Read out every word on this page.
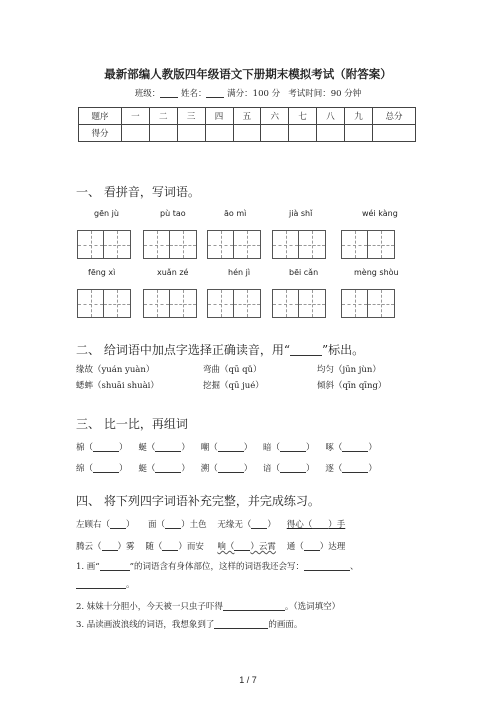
最新部编人教版四年级语文下册期末模拟考试（附答案）
班级： 姓名： 满分：100 分 考试时间：90 分钟
题序	一	二	三	四	五	六	七	八	九	总分
得分										
一、 看拼音，写词语。
gēn jù	pù tao	āo mì	jià shǐ	wéi kàng
fēng xì	xuǎn zé	hén jì	bēi cǎn	mèng shòu
二、 给词语中加点字选择正确读音，用“	”标出。
缘故（yuán yuàn）	弯曲（qū qǔ）	均匀（jūn jùn）
蟋蟀（shuāi shuài）	挖掘（qū jué）	倾斜（qīn qīng）
三、 比一比，再组词
棉（	） 蜒（	） 嘲（	） 暗（	） 啄（	）
绵（	） 蜓（	） 溯（	） 谙（	） 逐（	）
四、 将下列四字词语补充完整，并完成练习。
左顾右（ ） 面（ ）土色 无缘无（ ） 得心（ ）手
腾云（ ）雾 随（ ）而安 响（ ）云霄 通（ ）达理
1. 画“	”的词语含有身体部位，这样的词语我还会写：	、
。
2. 妹妹十分胆小，今天被一只虫子吓得	。（选词填空）
3. 品读画波浪线的词语，我想象到了	的画面。
1 / 7
